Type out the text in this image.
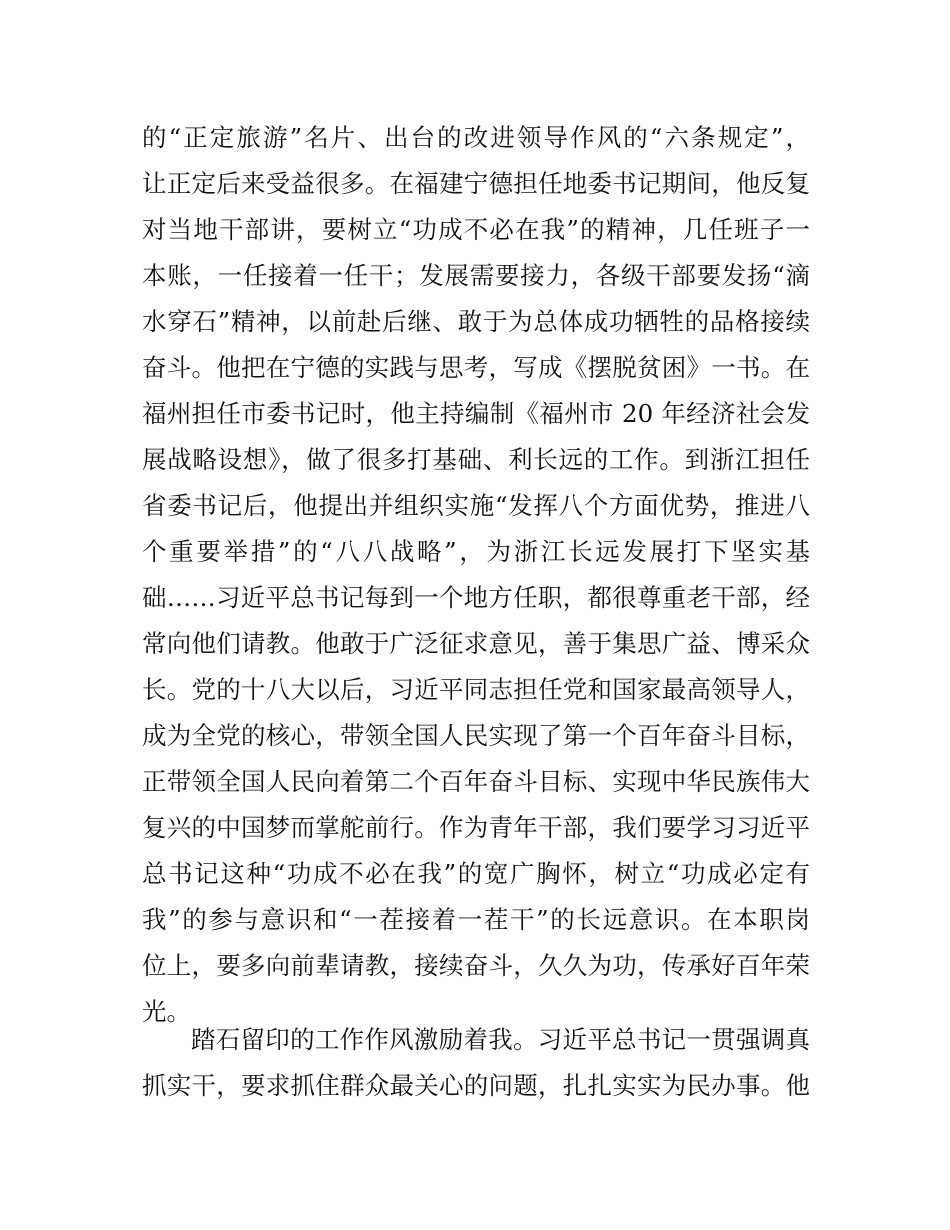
的“正定旅游”名片、出台的改进领导作风的“六条规定”，
让正定后来受益很多。在福建宁德担任地委书记期间，他反复
对当地干部讲，要树立“功成不必在我”的精神，几任班子一
本账，一任接着一任干；发展需要接力，各级干部要发扬“滴
水穿石”精神，以前赴后继、敢于为总体成功牺牲的品格接续
奋斗。他把在宁德的实践与思考，写成《摆脱贫困》一书。在
福州担任市委书记时，他主持编制《福州市 20 年经济社会发
展战略设想》，做了很多打基础、利长远的工作。到浙江担任
省委书记后，他提出并组织实施“发挥八个方面优势，推进八
个重要举措”的“八八战略”，为浙江长远发展打下坚实基
础……习近平总书记每到一个地方任职，都很尊重老干部，经
常向他们请教。他敢于广泛征求意见，善于集思广益、博采众
长。党的十八大以后，习近平同志担任党和国家最高领导人，
成为全党的核心，带领全国人民实现了第一个百年奋斗目标，
正带领全国人民向着第二个百年奋斗目标、实现中华民族伟大
复兴的中国梦而掌舵前行。作为青年干部，我们要学习习近平
总书记这种“功成不必在我”的宽广胸怀，树立“功成必定有
我”的参与意识和“一茬接着一茬干”的长远意识。在本职岗
位上，要多向前辈请教，接续奋斗，久久为功，传承好百年荣
光。
踏石留印的工作作风激励着我。习近平总书记一贯强调真
抓实干，要求抓住群众最关心的问题，扎扎实实为民办事。他
